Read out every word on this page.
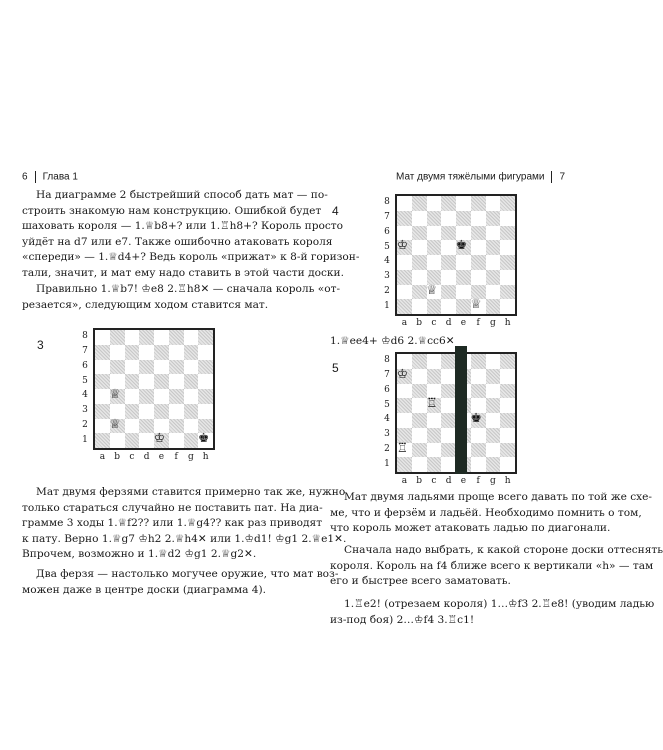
6 Глава 1
На диаграмме 2 быстрейший способ дать мат — по-
строить знакомую нам конструкцию. Ошибкой будет
шаховать короля — 1.♕b8+? или 1.♖h8+? Король просто
уйдёт на d7 или e7. Также ошибочно атаковать короля
«спереди» — 1.♕d4+? Ведь король «прижат» к 8-й горизон-
тали, значит, и мат ему надо ставить в этой части доски.
Правильно 1.♕b7! ♔e8 2.♖h8✕ — сначала король «от-
резается», следующим ходом ставится мат.
3
8
7
6
5
4
3
2
1
a	b	c	d	e	f	g h
♕
♕
♔	♚
Мат двумя ферзями ставится примерно так же, нужно
только стараться случайно не поставить пат. На диа-
грамме 3 ходы 1.♕f2?? или 1.♕g4?? как раз приводят
к пату. Верно 1.♕g7 ♔h2 2.♕h4✕ или 1.♔d1! ♔g1 2.♕e1✕.
Впрочем, возможно и 1.♕d2 ♔g1 2.♕g2✕.
Два ферзя — настолько могучее оружие, что мат воз-
можен даже в центре доски (диаграмма 4).
Мат двумя тяжёлыми фигурами 7
4
8
7
6
5
4
3
2
1
a	b	c	d	e	f	g h
♔	♚
♕
♕
1.♕ee4+ ♔d6 2.♕cc6✕
5
8
7
6
5
4
3
2
1
a	b	c	d	e	f	g h
♔
♖
♚
♖
Мат двумя ладьями проще всего давать по той же схе-
ме, что и ферзём и ладьёй. Необходимо помнить о том,
что король может атаковать ладью по диагонали.
Сначала надо выбрать, к какой стороне доски оттеснять
короля. Король на f4 ближе всего к вертикали «h» — там
его и быстрее всего заматовать.
1.♖e2! (отрезаем короля) 1…♔f3 2.♖e8! (уводим ладью
из-под боя) 2…♔f4 3.♖c1!
